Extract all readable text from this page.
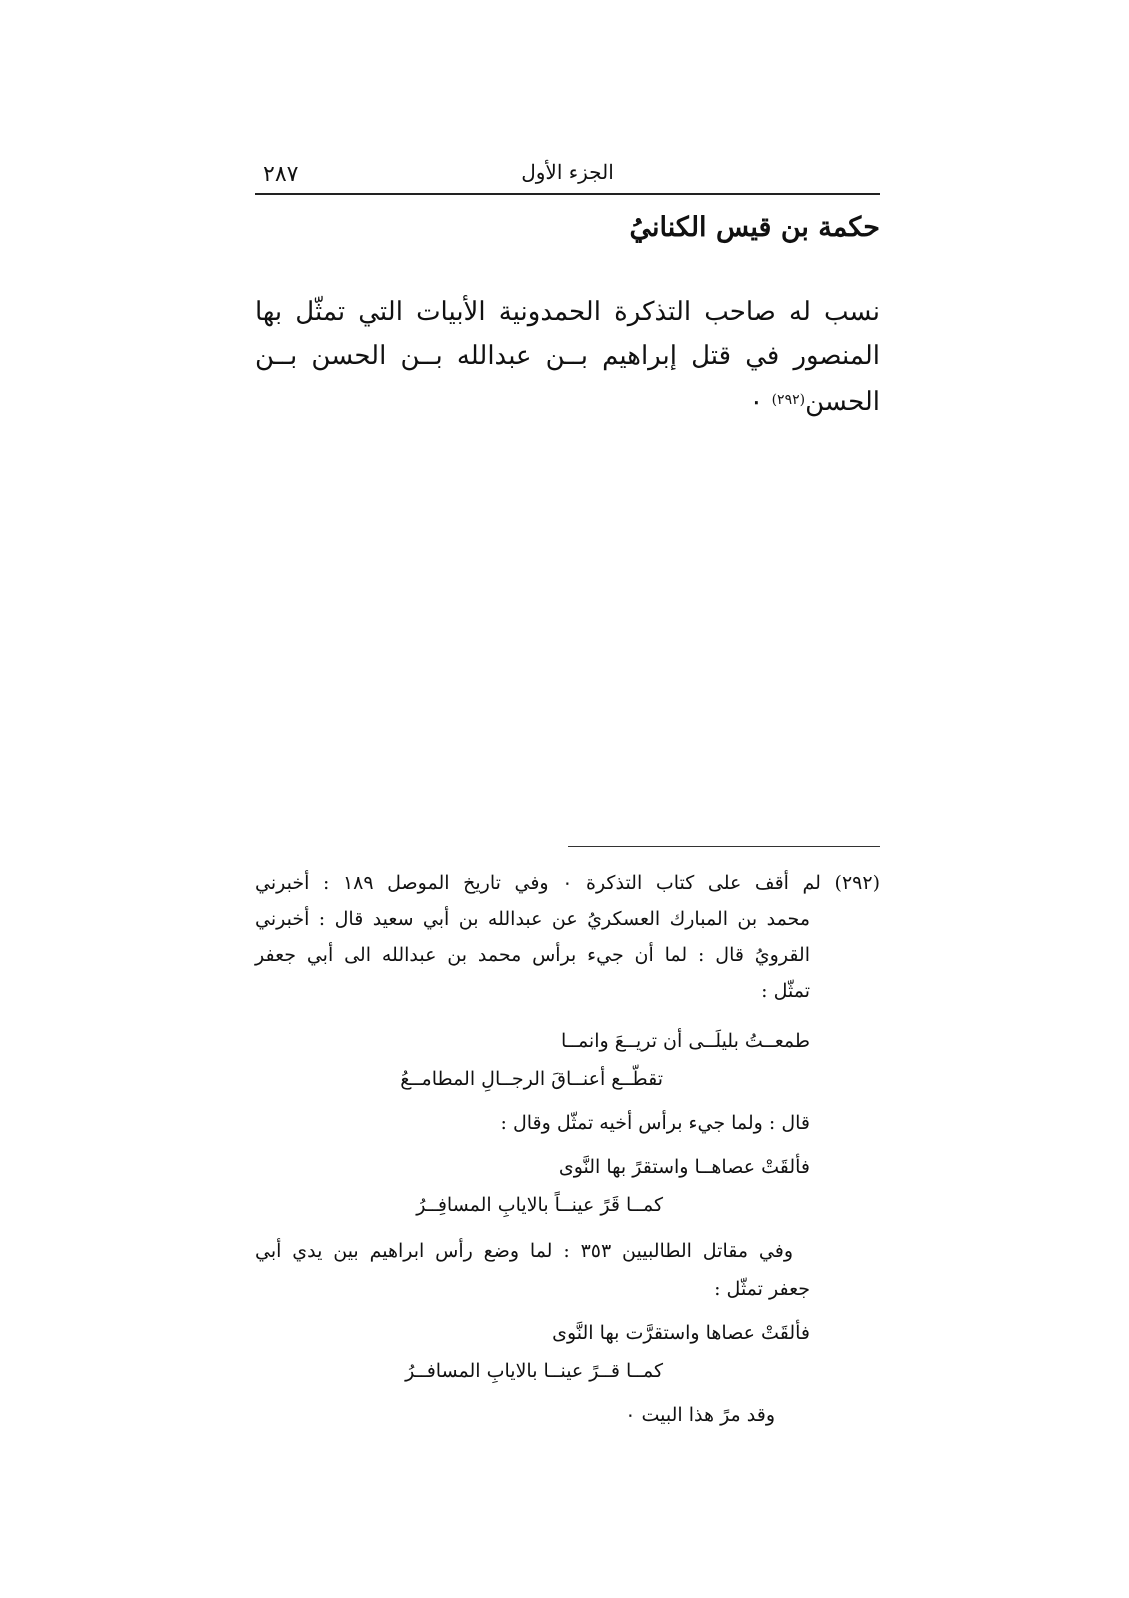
٢٨٧	الجزء الأول
حكمة بن قيس الكنانيُ
نسب له صاحب التذكرة الحمدونية الأبيات التي تمثّل بها المنصور في قتل إبراهيم بــن عبدالله بــن الحسن بــن الحسن$^{(٢٩٢)}$ ٠
(٢٩٢) لم أقف على كتاب التذكرة ٠ وفي تاريخ الموصل ١٨٩ : أخبرني
محمد بن المبارك العسكريُ عن عبدالله بن أبي سعيد قال : أخبرني
القرويُ قال : لما أن جيء برأس محمد بن عبدالله الى أبي جعفر
تمثّل :
طمعــتُ بليلَــى أن تريــعَ وانمــا
تقطّــع أعنــاقَ الرجــالِ المطامــعُ
قال : ولما جيء برأس أخيه تمثّل وقال :
فألقَتْ عصاهــا واستقرً بها النَّوى
كمــا قَرً عينــاً بالايابِ المسافِــرُ
وفي مقاتل الطالبيين ٣٥٣ : لما وضع رأس ابراهيم بين يدي أبي
جعفر تمثّل :
فألقَتْ عصاها واستقرَّت بها النَّوى
كمــا قــرً عينــا بالايابِ المسافــرُ
وقد مرً هذا البيت ٠
